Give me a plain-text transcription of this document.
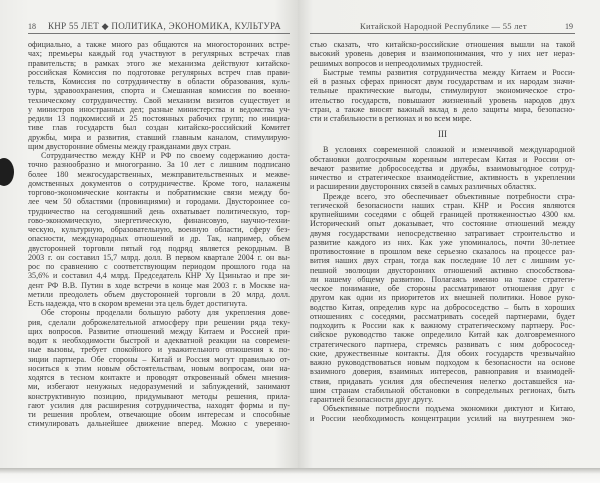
18 КНР 55 ЛЕТ ◆ ПОЛИТИКА, ЭКОНОМИКА, КУЛЬТУРА
официально, а также много раз общаются на многосторонних встре-
чах; премьеры каждый год участвуют в регулярных встречах глав
правительств; в рамках этого же механизма действуют китайско-
российская Комиссия по подготовке регулярных встреч глав прави-
тельств, Комиссия по сотрудничеству в области образования, куль-
туры, здравоохранения, спорта и Смешанная комиссия по военно-
техническому сотрудничеству. Свой механизм визитов существует и
у министров иностранных дел; разные министерства и ведомства уч-
редили 13 подкомиссий и 25 постоянных рабочих групп; по инициа-
тиве глав государств был создан китайско-российский Комитет
дружбы, мира и развития, ставший главным каналом, стимулирую-
щим двусторонние обмены между гражданами двух стран.
Сотрудничество между КНР и РФ по своему содержанию доста-
точно разнообразно и многогранно. За 10 лет с лишним подписано
более 180 межгосударственных, межправительственных и межве-
домственных документов о сотрудничестве. Кроме того, налажены
торгово-экономические контакты и побратимские связи между бо-
лее чем 50 областями (провинциями) и городами. Двустороннее со-
трудничество на сегодняшний день охватывает политическую, тор-
гово-экономическую, энергетическую, финансовую, научно-техни-
ческую, культурную, образовательную, военную области, сферу без-
опасности, международных отношений и др. Так, например, объем
двусторонней торговли пятый год подряд является рекордным. В
2003 г. он составил 15,7 млрд. долл. В первом квартале 2004 г. он вы-
рос по сравнению с соответствующим периодом прошлого года на
35,6% и составил 4,4 млрд. Председатель КНР Ху Цзиньтао и пре зи-
дент РФ В.В. Путин в ходе встречи в конце мая 2003 г. в Москве на-
метили преодолеть объем двусторонней торговли в 20 млрд. долл.
Есть надежда, что в скором времени эта цель будет достигнута.
Обе стороны проделали большую работу для укрепления дове-
рия, сделали доброжелательной атмосферу при решении ряда теку-
щих вопросов. Развитие отношений между Китаем и Россией при-
водит к необходимости быстрой и адекватной реакции на современ-
ные вызовы, требует спокойного и уважительного отношения к по-
зиции партнера. Обе стороны – Китай и Россия могут правильно от-
носиться к этим новым обстоятельствам, новым вопросам, они на-
ходятся в тесном контакте и проводят откровенный обмен мнения-
ми, избегают ненужных недоразумений и заблуждений, занимают
конструктивную позицию, придумывают методы решения, прила-
гают усилия для расширения сотрудничества, находят формы и пу-
ти решения проблем, отвечающие обоим интересам и способные
стимулировать дальнейшее движение вперед. Можно с уверенно-
Китайской Народной Республике — 55 лет	19
стью сказать, что китайско-российские отношения вышли на такой
высокий уровень доверия и взаимопонимания, что у них нет нераз-
решимых вопросов и непреодолимых трудностей.
Быстрые темпы развития сотрудничества между Китаем и Росси-
ей в разных сферах приносят двум государствам и их народам значи-
тельные практические выгоды, стимулируют экономическое стро-
ительство государств, повышают жизненный уровень народов двух
стран, а также вносят важный вклад в дело защиты мира, безопасно-
сти и стабильности в регионах и во всем мире.
III
В условиях современной сложной и изменчивой международной
обстановки долгосрочным коренным интересам Китая и России от-
вечают развитие добрососедства и дружбы, взаимовыгодное сотруд-
ничество и стратегическое взаимодействие, активность в укреплении
и расширении двусторонних связей в самых различных областях.
Прежде всего, это обеспечивает объективные потребности стра-
тегической безопасности наших стран. КНР и Россия являются
крупнейшими соседями с общей границей протяженностью 4300 км.
Исторический опыт доказывает, что состояние отношений между
двумя государствами непосредственно затрагивает строительство и
развитие каждого из них. Как уже упоминалось, почти 30-летнее
противостояние в прошлом веке серьезно сказалось на процессе раз-
вития наших двух стран, тогда как последние 10 лет с лишним ус-
пешной эволюции двусторонних отношений активно способствова-
ли нашему общему развитию. Полагаясь именно на такое стратеги-
ческое понимание, обе стороны рассматривают отношения друг с
другом как одни из приоритетов их внешней политики. Новое руко-
водство Китая, определив курс на добрососедство – быть в хороших
отношениях с соседями, рассматривать соседей партнерами, будет
подходить к России как к важному стратегическому партнеру. Рос-
сийское руководство также определило Китай как долговременного
стратегического партнера, стремясь развивать с ним добрососед-
ские, дружественные контакты. Для обоих государств чрезвычайно
важно руководствоваться новым подходом к безопасности на основе
взаимного доверия, взаимных интересов, равноправия и взаимодей-
ствия, придавать усилия для обеспечения нелегко доставшейся на-
шим странам стабильной обстановки в сопредельных регионах, быть
гарантией безопасности друг другу.
Объективные потребности подъема экономики диктуют и Китаю,
и России необходимость концентрации усилий на внутреннем эко-
